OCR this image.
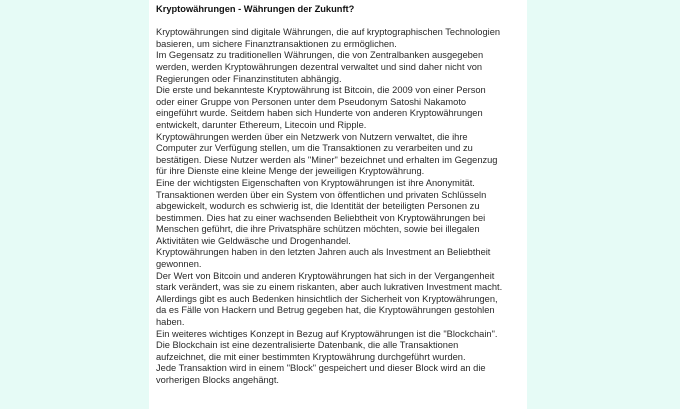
Kryptowährungen - Währungen der Zukunft?

Kryptowährungen sind digitale Währungen, die auf kryptographischen Technologien
basieren, um sichere Finanztransaktionen zu ermöglichen.

Im Gegensatz zu traditionellen Währungen, die von Zentralbanken ausgegeben
werden, werden Kryptowährungen dezentral verwaltet und sind daher nicht von
Regierungen oder Finanzinstituten abhängig.

Die erste und bekannteste Kryptowährung ist Bitcoin, die 2009 von einer Person
oder einer Gruppe von Personen unter dem Pseudonym Satoshi Nakamoto
eingeführt wurde. Seitdem haben sich Hunderte von anderen Kryptowährungen
entwickelt, darunter Ethereum, Litecoin und Ripple.

Kryptowährungen werden über ein Netzwerk von Nutzern verwaltet, die ihre
Computer zur Verfügung stellen, um die Transaktionen zu verarbeiten und zu
bestätigen. Diese Nutzer werden als "Miner" bezeichnet und erhalten im Gegenzug
für ihre Dienste eine kleine Menge der jeweiligen Kryptowährung.

Eine der wichtigsten Eigenschaften von Kryptowährungen ist ihre Anonymität.
Transaktionen werden über ein System von öffentlichen und privaten Schlüsseln
abgewickelt, wodurch es schwierig ist, die Identität der beteiligten Personen zu
bestimmen. Dies hat zu einer wachsenden Beliebtheit von Kryptowährungen bei
Menschen geführt, die ihre Privatsphäre schützen möchten, sowie bei illegalen
Aktivitäten wie Geldwäsche und Drogenhandel.

Kryptowährungen haben in den letzten Jahren auch als Investment an Beliebtheit
gewonnen.

Der Wert von Bitcoin und anderen Kryptowährungen hat sich in der Vergangenheit
stark verändert, was sie zu einem riskanten, aber auch lukrativen Investment macht.

Allerdings gibt es auch Bedenken hinsichtlich der Sicherheit von Kryptowährungen,
da es Fälle von Hackern und Betrug gegeben hat, die Kryptowährungen gestohlen
haben.

Ein weiteres wichtiges Konzept in Bezug auf Kryptowährungen ist die "Blockchain".
Die Blockchain ist eine dezentralisierte Datenbank, die alle Transaktionen
aufzeichnet, die mit einer bestimmten Kryptowährung durchgeführt wurden.

Jede Transaktion wird in einem "Block" gespeichert und dieser Block wird an die
vorherigen Blocks angehängt.
